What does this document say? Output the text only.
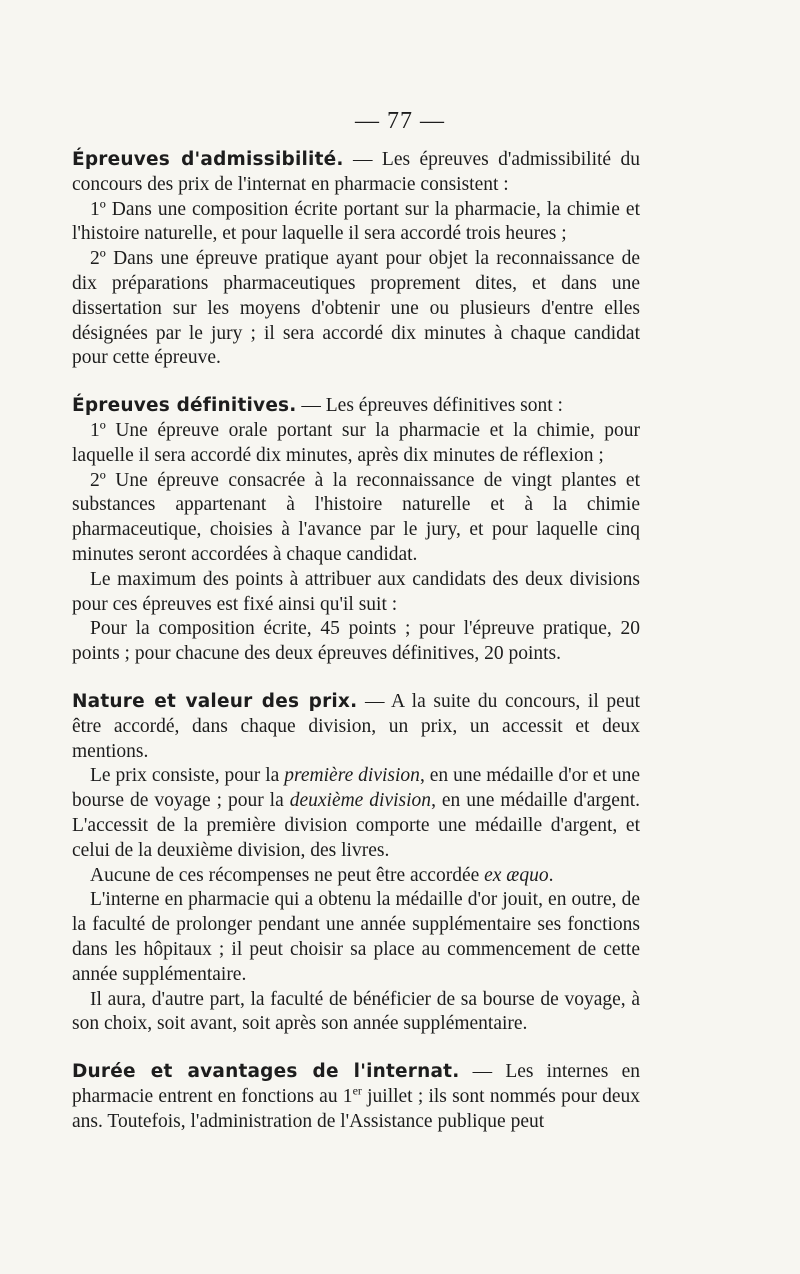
— 77 —

Épreuves d'admissibilité. — Les épreuves d'admissibilité du concours des prix de l'internat en pharmacie consistent :

1º Dans une composition écrite portant sur la pharmacie, la chimie et l'histoire naturelle, et pour laquelle il sera accordé trois heures ;

2º Dans une épreuve pratique ayant pour objet la reconnaissance de dix préparations pharmaceutiques proprement dites, et dans une dissertation sur les moyens d'obtenir une ou plusieurs d'entre elles désignées par le jury ; il sera accordé dix minutes à chaque candidat pour cette épreuve.

Épreuves définitives. — Les épreuves définitives sont :

1º Une épreuve orale portant sur la pharmacie et la chimie, pour laquelle il sera accordé dix minutes, après dix minutes de réflexion ;

2º Une épreuve consacrée à la reconnaissance de vingt plantes et substances appartenant à l'histoire naturelle et à la chimie pharmaceutique, choisies à l'avance par le jury, et pour laquelle cinq minutes seront accordées à chaque candidat.

Le maximum des points à attribuer aux candidats des deux divisions pour ces épreuves est fixé ainsi qu'il suit :

Pour la composition écrite, 45 points ; pour l'épreuve pratique, 20 points ; pour chacune des deux épreuves définitives, 20 points.

Nature et valeur des prix. — A la suite du concours, il peut être accordé, dans chaque division, un prix, un accessit et deux mentions.

Le prix consiste, pour la première division, en une médaille d'or et une bourse de voyage ; pour la deuxième division, en une médaille d'argent. L'accessit de la première division comporte une médaille d'argent, et celui de la deuxième division, des livres.

Aucune de ces récompenses ne peut être accordée ex æquo.

L'interne en pharmacie qui a obtenu la médaille d'or jouit, en outre, de la faculté de prolonger pendant une année supplémentaire ses fonctions dans les hôpitaux ; il peut choisir sa place au commencement de cette année supplémentaire.

Il aura, d'autre part, la faculté de bénéficier de sa bourse de voyage, à son choix, soit avant, soit après son année supplémentaire.

Durée et avantages de l'internat. — Les internes en pharmacie entrent en fonctions au 1er juillet ; ils sont nommés pour deux ans. Toutefois, l'administration de l'Assistance publique peut
